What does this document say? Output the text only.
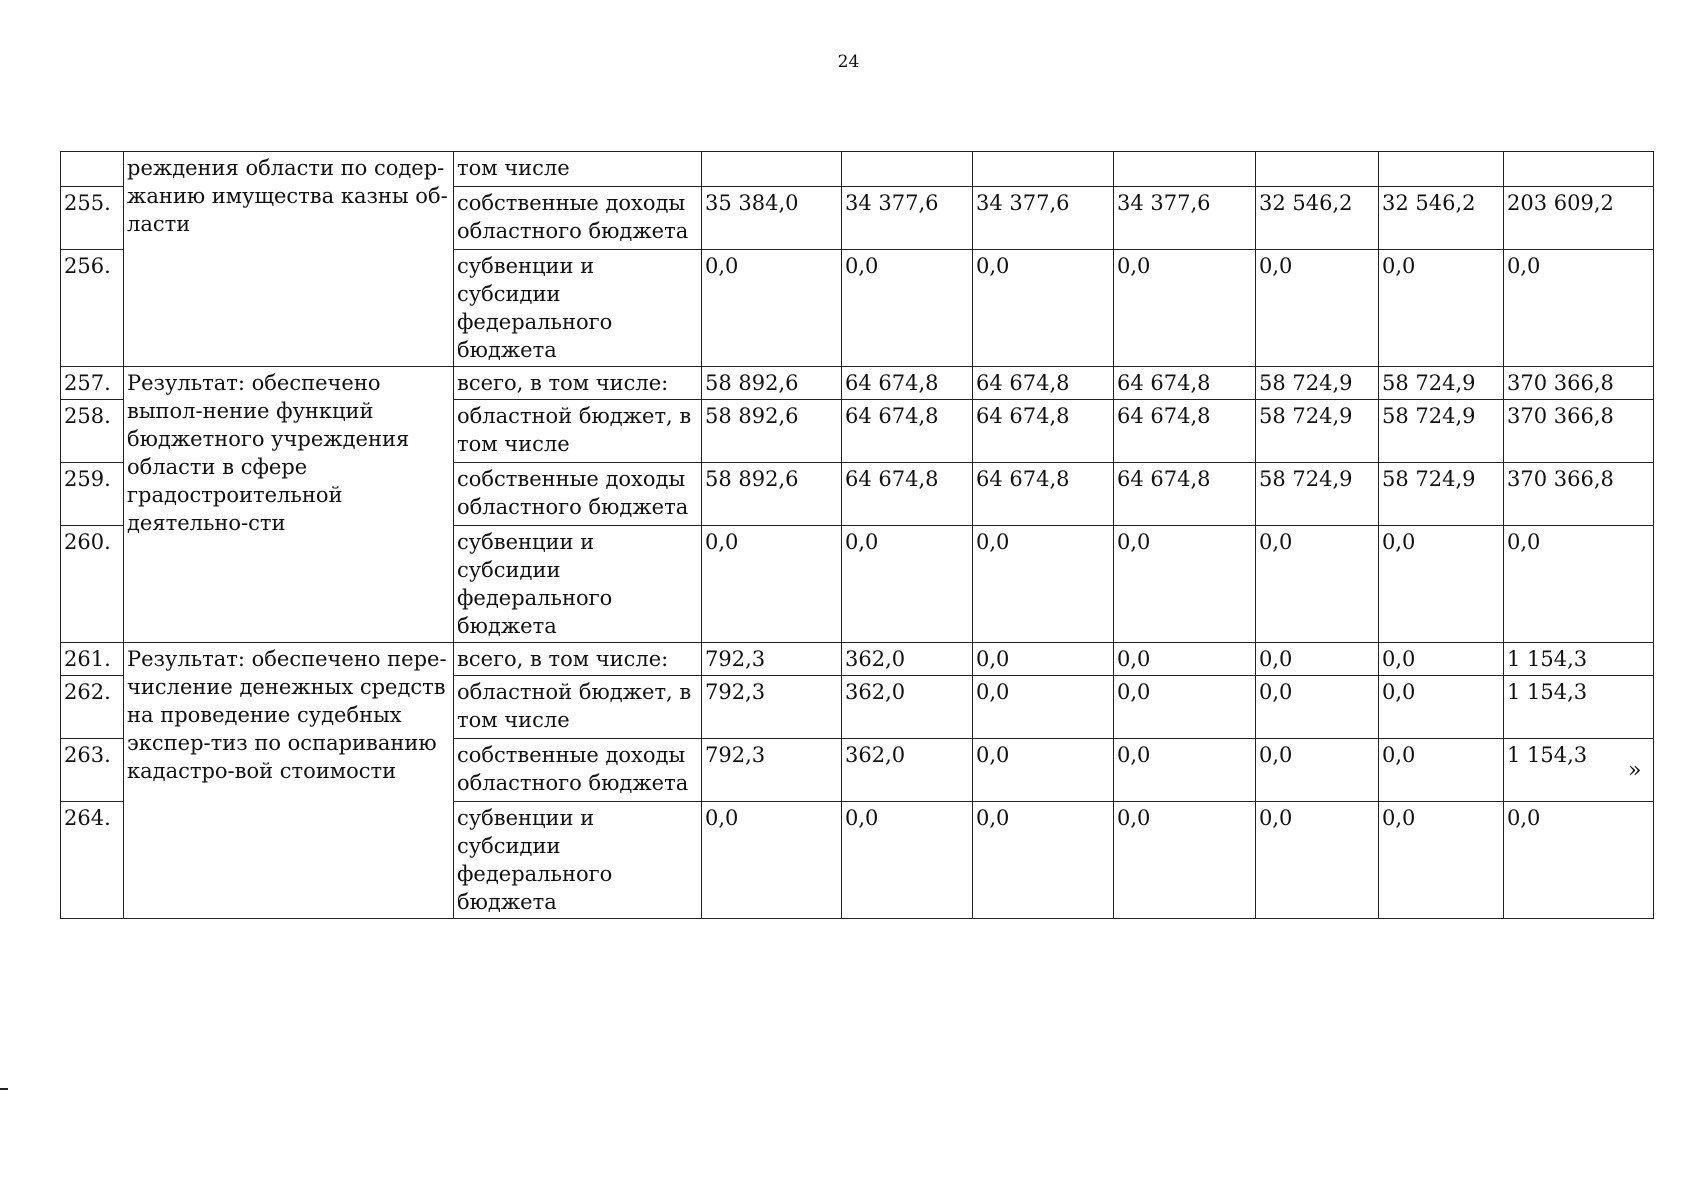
24
	реждения области по содер-жанию имущества казны об-ласти	том числе							
255.		собственные доходы областного бюджета	35 384,0	34 377,6	34 377,6	34 377,6	32 546,2	32 546,2	203 609,2
256.		субвенции и субсидии федерального бюджета	0,0	0,0	0,0	0,0	0,0	0,0	0,0
257.	Результат: обеспечено выпол-нение функций бюджетного учреждения области в сфере градостроительной деятельно-сти	всего, в том числе:	58 892,6	64 674,8	64 674,8	64 674,8	58 724,9	58 724,9	370 366,8
258.		областной бюджет, в том числе	58 892,6	64 674,8	64 674,8	64 674,8	58 724,9	58 724,9	370 366,8
259.		собственные доходы областного бюджета	58 892,6	64 674,8	64 674,8	64 674,8	58 724,9	58 724,9	370 366,8
260.		субвенции и субсидии федерального бюджета	0,0	0,0	0,0	0,0	0,0	0,0	0,0
261.	Результат: обеспечено пере-числение денежных средств на проведение судебных экспер-тиз по оспариванию кадастро-вой стоимости	всего, в том числе:	792,3	362,0	0,0	0,0	0,0	0,0	1 154,3
262.		областной бюджет, в том числе	792,3	362,0	0,0	0,0	0,0	0,0	1 154,3
263.		собственные доходы областного бюджета	792,3	362,0	0,0	0,0	0,0	0,0	1 154,3
264.		субвенции и субсидии федерального бюджета	0,0	0,0	0,0	0,0	0,0	0,0	0,0
»
